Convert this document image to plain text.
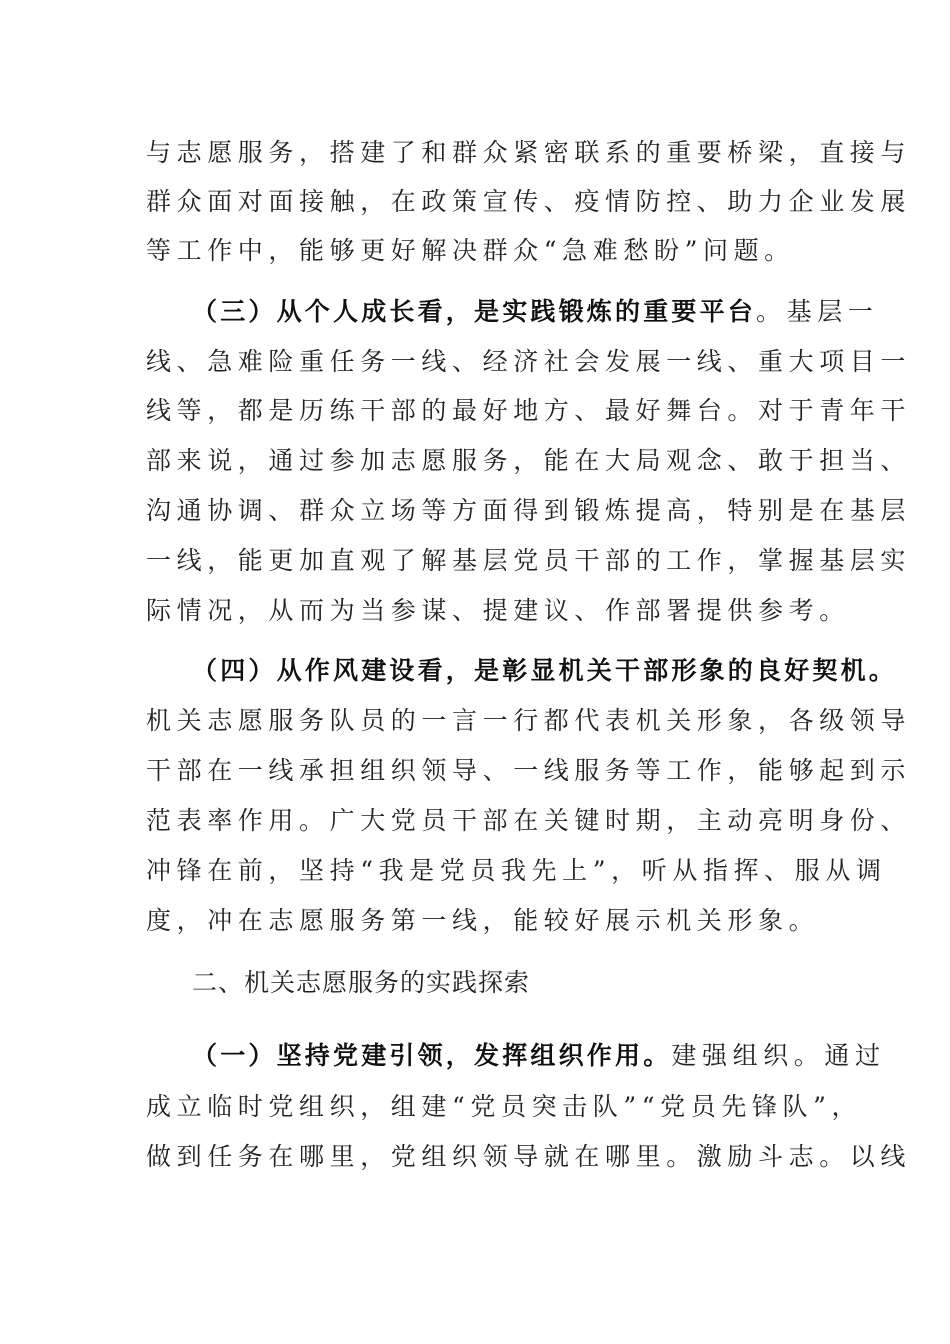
与志愿服务，搭建了和群众紧密联系的重要桥梁，直接与
群众面对面接触，在政策宣传、疫情防控、助力企业发展
等工作中，能够更好解决群众“急难愁盼”问题。
（三）从个人成长看，是实践锻炼的重要平台。基层一
线、急难险重任务一线、经济社会发展一线、重大项目一
线等，都是历练干部的最好地方、最好舞台。对于青年干
部来说，通过参加志愿服务，能在大局观念、敢于担当、
沟通协调、群众立场等方面得到锻炼提高，特别是在基层
一线，能更加直观了解基层党员干部的工作，掌握基层实
际情况，从而为当参谋、提建议、作部署提供参考。
（四）从作风建设看，是彰显机关干部形象的良好契机。
机关志愿服务队员的一言一行都代表机关形象，各级领导
干部在一线承担组织领导、一线服务等工作，能够起到示
范表率作用。广大党员干部在关键时期，主动亮明身份、
冲锋在前，坚持“我是党员我先上”，听从指挥、服从调
度，冲在志愿服务第一线，能较好展示机关形象。
二、机关志愿服务的实践探索
（一）坚持党建引领，发挥组织作用。建强组织。通过
成立临时党组织，组建“党员突击队”“党员先锋队”，
做到任务在哪里，党组织领导就在哪里。激励斗志。以线
